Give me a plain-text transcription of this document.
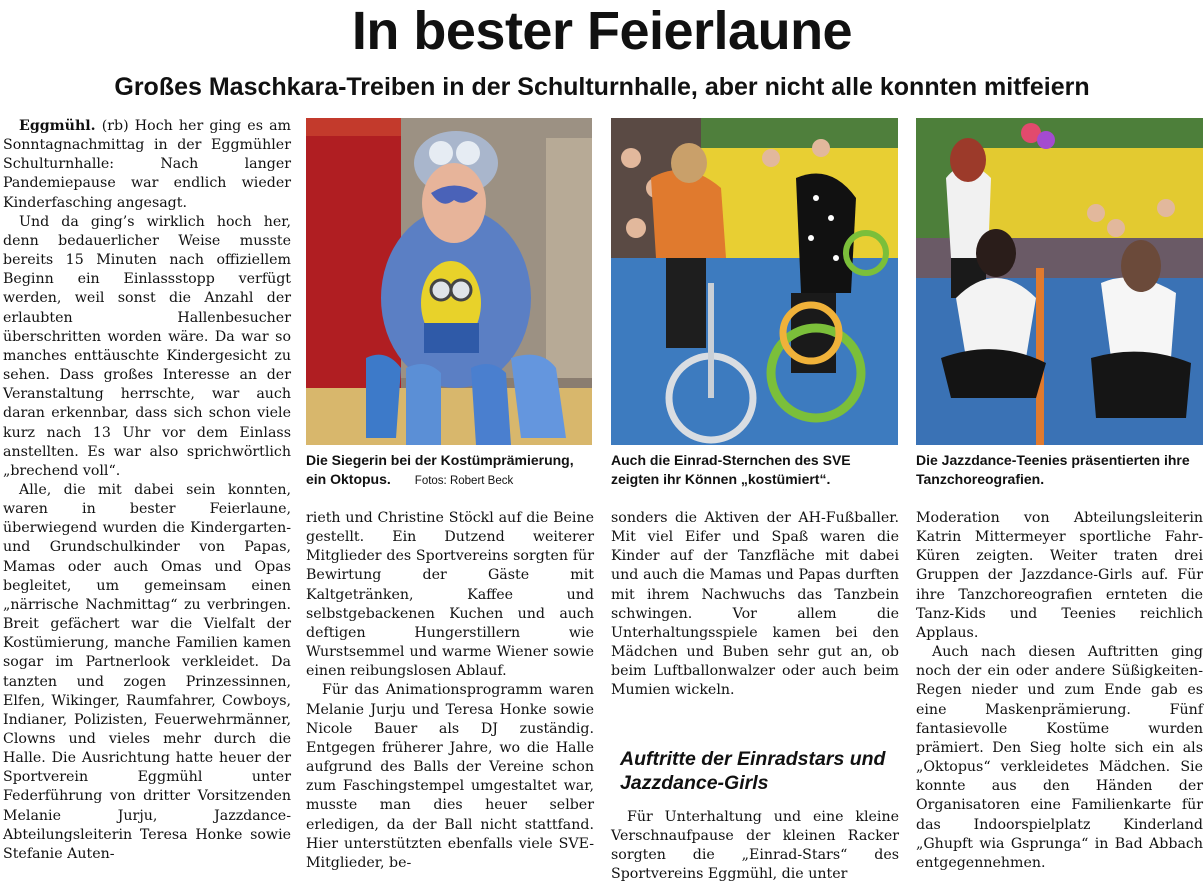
In bester Feierlaune
Großes Maschkara-Treiben in der Schulturnhalle, aber nicht alle konnten mitfeiern

Eggmühl. (rb) Hoch her ging es am Sonntagnachmittag in der Eggmühler Schulturnhalle: Nach langer Pandemiepause war endlich wieder Kinderfasching angesagt.

Und da ging’s wirklich hoch her, denn bedauerlicher Weise musste bereits 15 Minuten nach offiziellem Beginn ein Einlassstopp verfügt werden, weil sonst die Anzahl der erlaubten Hallenbesucher überschritten worden wäre. Da war so manches enttäuschte Kindergesicht zu sehen. Dass großes Interesse an der Veranstaltung herrschte, war auch daran erkennbar, dass sich schon viele kurz nach 13 Uhr vor dem Einlass anstellten. Es war also sprichwörtlich „brechend voll“.

Alle, die mit dabei sein konnten, waren in bester Feierlaune, überwiegend wurden die Kindergarten- und Grundschulkinder von Papas, Mamas oder auch Omas und Opas begleitet, um gemeinsam einen „närrische Nachmittag“ zu verbringen. Breit gefächert war die Vielfalt der Kostümierung, manche Familien kamen sogar im Partnerlook verkleidet. Da tanzten und zogen Prinzessinnen, Elfen, Wikinger, Raumfahrer, Cowboys, Indianer, Polizisten, Feuerwehrmänner, Clowns und vieles mehr durch die Halle. Die Ausrichtung hatte heuer der Sportverein Eggmühl unter Federführung von dritter Vorsitzenden Melanie Jurju, Jazzdance-Abteilungsleiterin Teresa Honke sowie Stefanie Auten-

Die Siegerin bei der Kostümprämierung, ein Oktopus. Fotos: Robert Beck
Auch die Einrad-Sternchen des SVE zeigten ihr Können „kostümiert“.
Die Jazzdance-Teenies präsentierten ihre Tanzchoreografien.

rieth und Christine Stöckl auf die Beine gestellt. Ein Dutzend weiterer Mitglieder des Sportvereins sorgten für Bewirtung der Gäste mit Kaltgetränken, Kaffee und selbstgebackenen Kuchen und auch deftigen Hungerstillern wie Wurstsemmel und warme Wiener sowie einen reibungslosen Ablauf.

Für das Animationsprogramm waren Melanie Jurju und Teresa Honke sowie Nicole Bauer als DJ zuständig. Entgegen früherer Jahre, wo die Halle aufgrund des Balls der Vereine schon zum Faschingstempel umgestaltet war, musste man dies heuer selber erledigen, da der Ball nicht stattfand. Hier unterstützten ebenfalls viele SVE-Mitglieder, be-

sonders die Aktiven der AH-Fußballer. Mit viel Eifer und Spaß waren die Kinder auf der Tanzfläche mit dabei und auch die Mamas und Papas durften mit ihrem Nachwuchs das Tanzbein schwingen. Vor allem die Unterhaltungsspiele kamen bei den Mädchen und Buben sehr gut an, ob beim Luftballonwalzer oder auch beim Mumien wickeln.

Auftritte der Einradstars und Jazzdance-Girls

Für Unterhaltung und eine kleine Verschnaufpause der kleinen Racker sorgten die „Einrad-Stars“ des Sportvereins Eggmühl, die unter

Moderation von Abteilungsleiterin Katrin Mittermeyer sportliche Fahr-Küren zeigten. Weiter traten drei Gruppen der Jazzdance-Girls auf. Für ihre Tanzchoreografien ernteten die Tanz-Kids und Teenies reichlich Applaus.

Auch nach diesen Auftritten ging noch der ein oder andere Süßigkeiten-Regen nieder und zum Ende gab es eine Maskenprämierung. Fünf fantasievolle Kostüme wurden prämiert. Den Sieg holte sich ein als „Oktopus“ verkleidetes Mädchen. Sie konnte aus den Händen der Organisatoren eine Familienkarte für das Indoorspielplatz Kinderland „Ghupft wia Gsprunga“ in Bad Abbach entgegennehmen.
